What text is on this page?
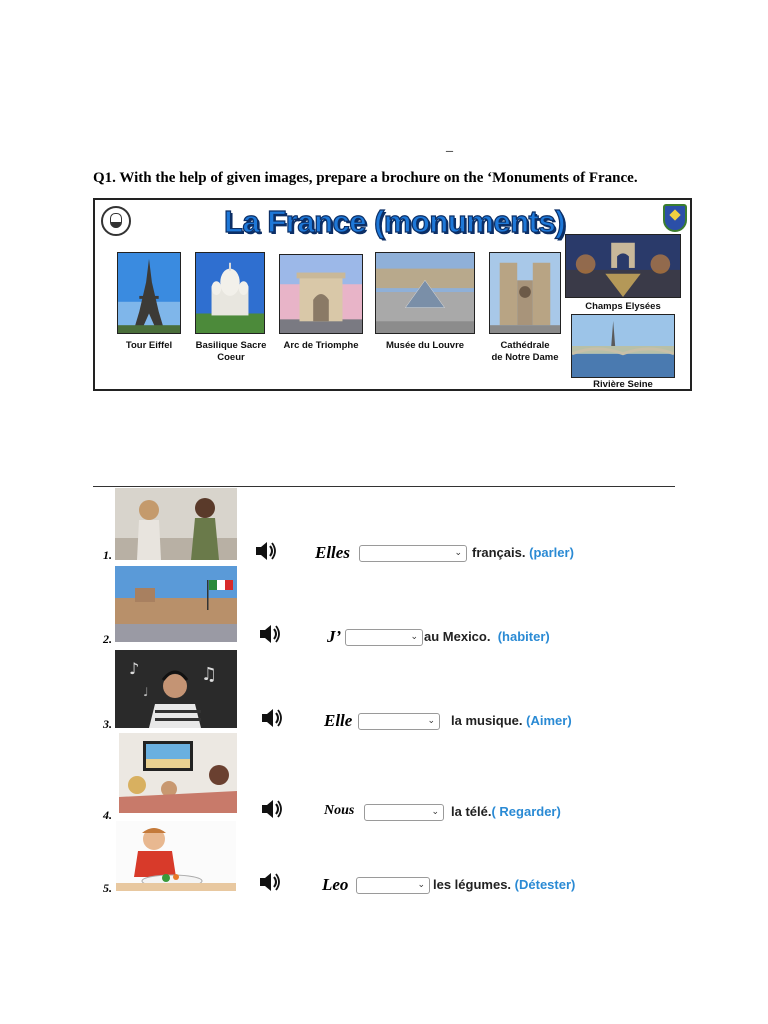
_
Q1. With the help of given images, prepare a brochure on the ‘Monuments of France.
La France (monuments)
Tour Eiffel	Basilique Sacre
Coeur
Arc de Triomphe	Musée du Louvre	Cathédrale
de Notre Dame
Champs Elysées
Rivière Seine
1.	Elles	⌄ français. (parler)
2.	J’	⌄ au Mexico. (habiter)
3.
♪	♫
♩
Elle	⌄ la musique. (Aimer)
4.	Nous	⌄ la télé.( Regarder)
5.	Leo	⌄ les légumes. (Détester)
